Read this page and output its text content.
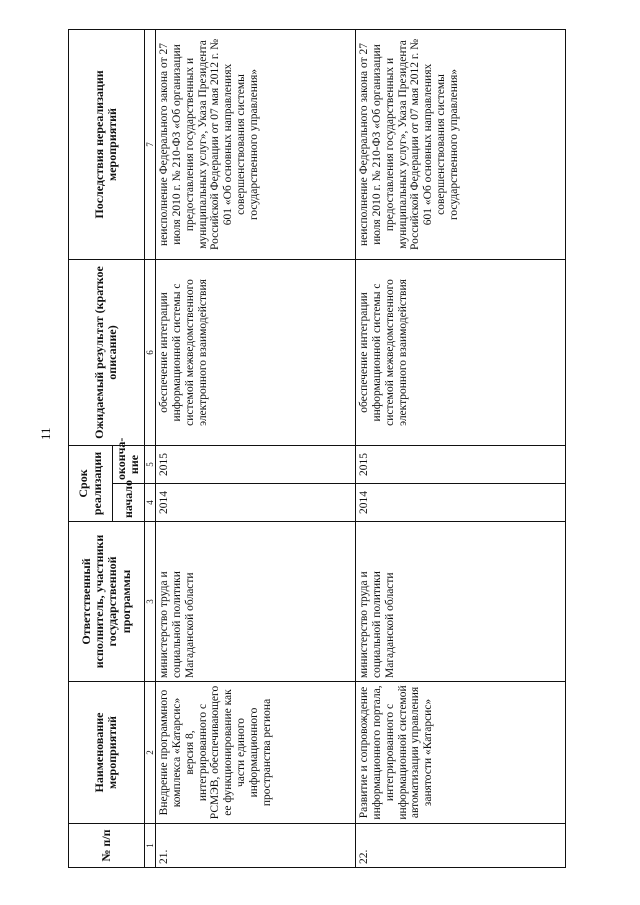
11
№ п/п	Наименование мероприятий	Ответственный исполнитель, участники государственной программы	Срок реализации		Ожидаемый результат (краткое описание)	Последствия нереализации мероприятий
			начало	оконча-ние		
1	2	3	4	5	6	7
21.	Внедрение программного комплекса «Катарсис» версия 8, интегрированного с РСМЭВ, обеспечивающего ее функционирование как части единого информационного пространства региона	министерство труда и социальной политики Магаданской области	2014	2015	обеспечение интеграции информационной системы с системой межведомственного электронного взаимодействия	неисполнение Федерального закона от 27 июля 2010 г. № 210-ФЗ «Об организации предоставления государственных и муниципальных услуг», Указа Президента Российской Федерации от 07 мая 2012 г. № 601 «Об основных направлениях совершенствования системы государственного управления»
22.	Развитие и сопровождение информационного портала, интегрированного с информационной системой автоматизации управления занятости «Катарсис»	министерство труда и социальной политики Магаданской области	2014	2015	обеспечение интеграции информационной системы с системой межведомственного электронного взаимодействия	неисполнение Федерального закона от 27 июля 2010 г. № 210-ФЗ «Об организации предоставления государственных и муниципальных услуг», Указа Президента Российской Федерации от 07 мая 2012 г. № 601 «Об основных направлениях совершенствования системы государственного управления»
